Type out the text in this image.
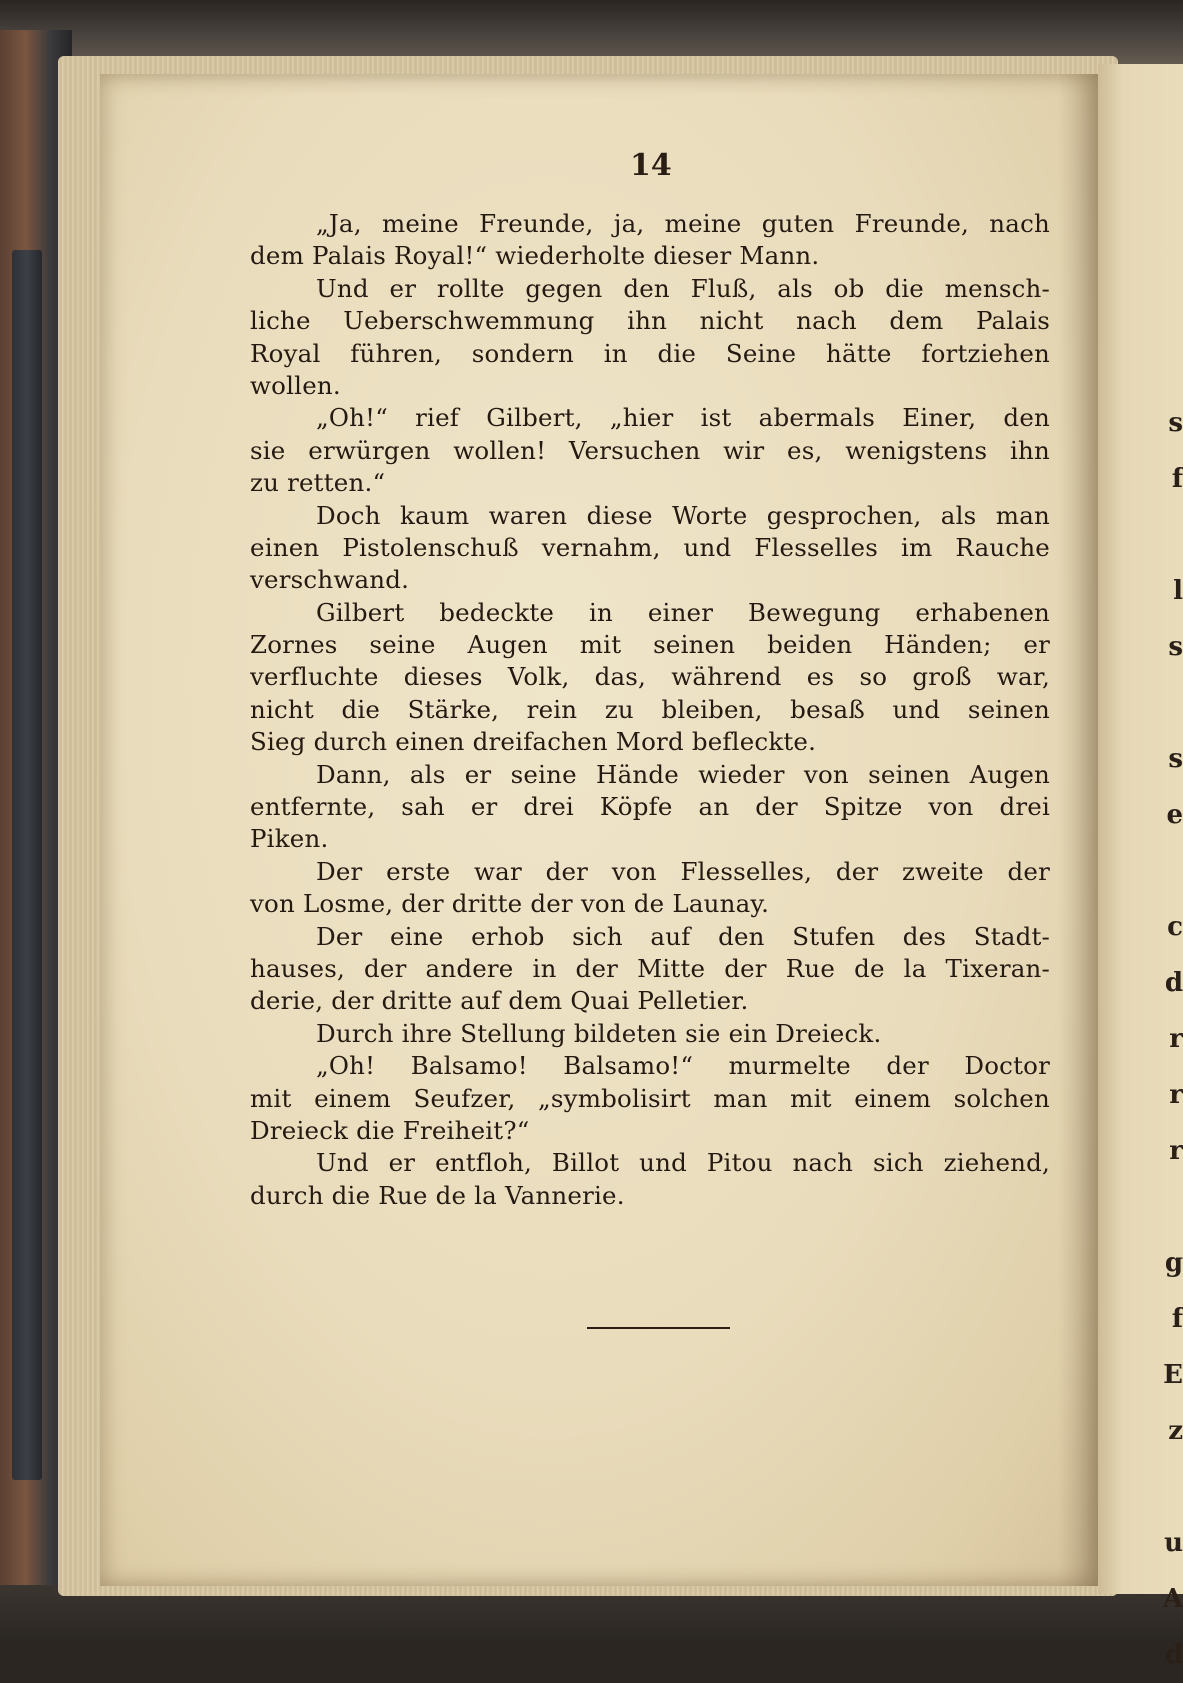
s
f
l
s
s
e
c
d
r
r
r
g
f
E
z
u
A
d
14
„Ja, meine Freunde, ja, meine guten Freunde, nach
dem Palais Royal!“ wiederholte dieser Mann.
Und er rollte gegen den Fluß, als ob die mensch-
liche Ueberschwemmung ihn nicht nach dem Palais
Royal führen, sondern in die Seine hätte fortziehen
wollen.
„Oh!“ rief Gilbert, „hier ist abermals Einer, den
sie erwürgen wollen! Versuchen wir es, wenigstens ihn
zu retten.“
Doch kaum waren diese Worte gesprochen, als man
einen Pistolenschuß vernahm, und Flesselles im Rauche
verschwand.
Gilbert bedeckte in einer Bewegung erhabenen
Zornes seine Augen mit seinen beiden Händen; er
verfluchte dieses Volk, das, während es so groß war,
nicht die Stärke, rein zu bleiben, besaß und seinen
Sieg durch einen dreifachen Mord befleckte.
Dann, als er seine Hände wieder von seinen Augen
entfernte, sah er drei Köpfe an der Spitze von drei
Piken.
Der erste war der von Flesselles, der zweite der
von Losme, der dritte der von de Launay.
Der eine erhob sich auf den Stufen des Stadt-
hauses, der andere in der Mitte der Rue de la Tixeran-
derie, der dritte auf dem Quai Pelletier.
Durch ihre Stellung bildeten sie ein Dreieck.
„Oh! Balsamo! Balsamo!“ murmelte der Doctor
mit einem Seufzer, „symbolisirt man mit einem solchen
Dreieck die Freiheit?“
Und er entfloh, Billot und Pitou nach sich ziehend,
durch die Rue de la Vannerie.
